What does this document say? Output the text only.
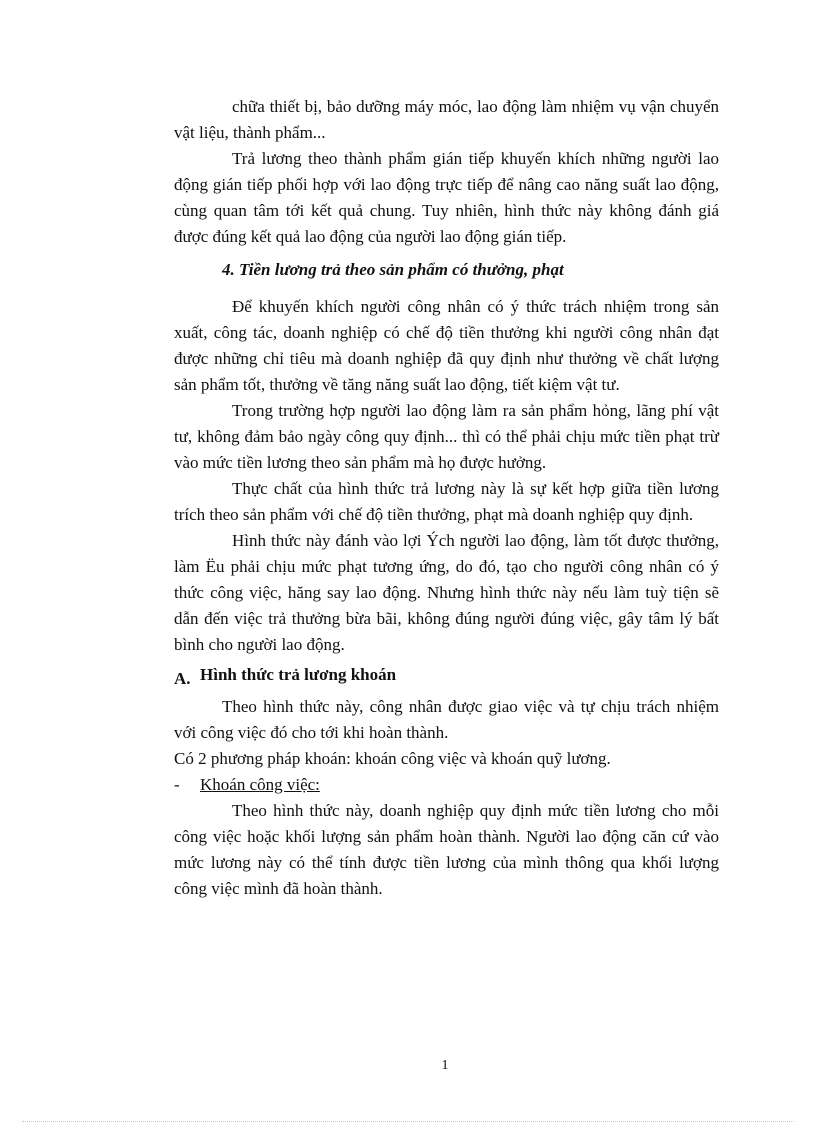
chữa thiết bị, bảo dưỡng máy móc, lao động làm nhiệm vụ vận chuyển vật liệu, thành phẩm...

Trả lương theo thành phẩm gián tiếp khuyến khích những người lao động gián tiếp phối hợp với lao động trực tiếp để nâng cao năng suất lao động, cùng quan tâm tới kết quả chung. Tuy nhiên, hình thức này không đánh giá được đúng kết quả lao động của người lao động gián tiếp.

4. Tiền lương trả theo sản phẩm có thưởng, phạt

Để khuyến khích người công nhân có ý thức trách nhiệm trong sản xuất, công tác, doanh nghiệp có chế độ tiền thưởng khi người công nhân đạt được những chỉ tiêu mà doanh nghiệp đã quy định như thưởng về chất lượng sản phẩm tốt, thưởng về tăng năng suất lao động, tiết kiệm vật tư.

Trong trường hợp người lao động làm ra sản phẩm hỏng, lãng phí vật tư, không đảm bảo ngày công quy định... thì có thể phải chịu mức tiền phạt trừ vào mức tiền lương theo sản phẩm mà họ được hưởng.

Thực chất của hình thức trả lương này là sự kết hợp giữa tiền lương trích theo sản phẩm với chế độ tiền thưởng, phạt mà doanh nghiệp quy định.

Hình thức này đánh vào lợi Ých người lao động, làm tốt được thưởng, làm Ëu phải chịu mức phạt tương ứng, do đó, tạo cho người công nhân có ý thức công việc, hăng say lao động. Nhưng hình thức này nếu làm tuỳ tiện sẽ dẫn đến việc trả thưởng bừa bãi, không đúng người đúng việc, gây tâm lý bất bình cho người lao động.

A. Hình thức trả lương khoán

Theo hình thức này, công nhân được giao việc và tự chịu trách nhiệm với công việc đó cho tới khi hoàn thành.

Có 2 phương pháp khoán: khoán công việc và khoán quỹ lương.

-	Khoán công việc:

Theo hình thức này, doanh nghiệp quy định mức tiền lương cho mỗi công việc hoặc khối lượng sản phẩm hoàn thành. Người lao động căn cứ vào mức lương này có thể tính được tiền lương của mình thông qua khối lượng công việc mình đã hoàn thành.

1
